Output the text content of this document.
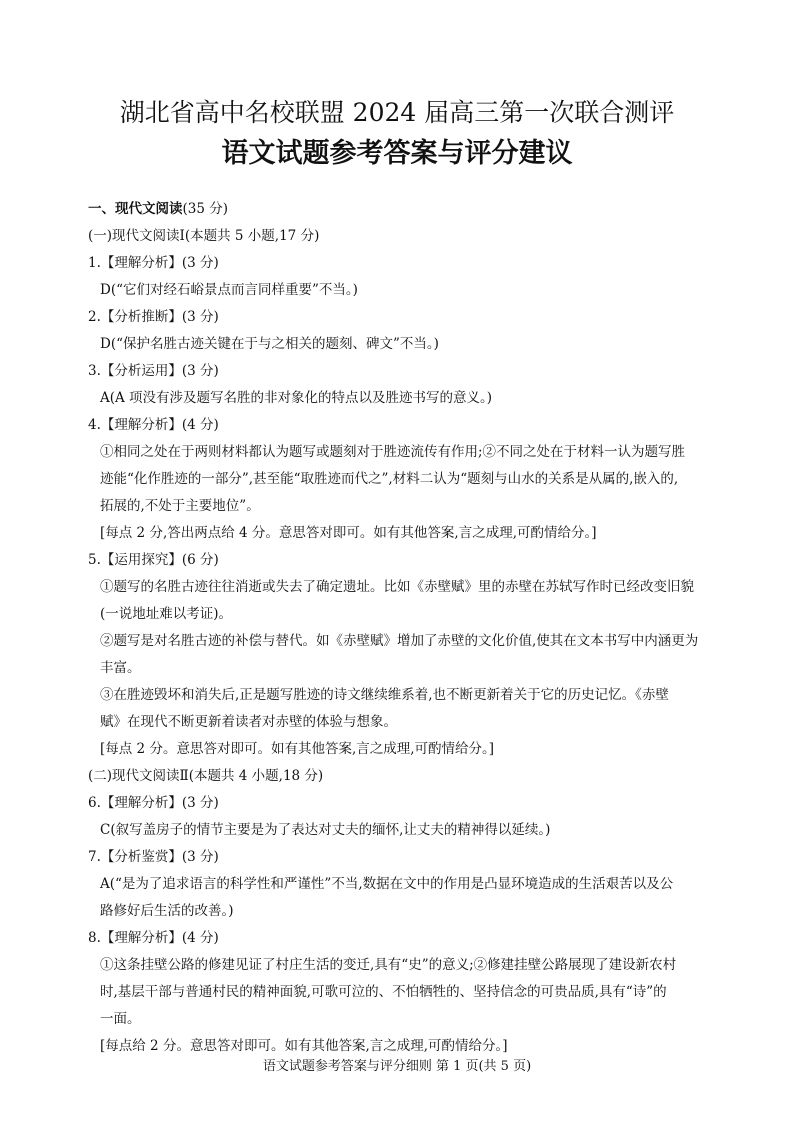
湖北省高中名校联盟 2024 届高三第一次联合测评
语文试题参考答案与评分建议

一、现代文阅读(35 分)

(一)现代文阅读Ⅰ(本题共 5 小题,17 分)

1.【理解分析】(3 分)

D(“它们对经石峪景点而言同样重要”不当。)

2.【分析推断】(3 分)

D(“保护名胜古迹关键在于与之相关的题刻、碑文”不当。)

3.【分析运用】(3 分)

A(A 项没有涉及题写名胜的非对象化的特点以及胜迹书写的意义。)

4.【理解分析】(4 分)

①相同之处在于两则材料都认为题写或题刻对于胜迹流传有作用;②不同之处在于材料一认为题写胜

迹能“化作胜迹的一部分”,甚至能“取胜迹而代之”,材料二认为“题刻与山水的关系是从属的,嵌入的,

拓展的,不处于主要地位”。

[每点 2 分,答出两点给 4 分。意思答对即可。如有其他答案,言之成理,可酌情给分。]

5.【运用探究】(6 分)

①题写的名胜古迹往往消逝或失去了确定遗址。比如《赤壁赋》里的赤壁在苏轼写作时已经改变旧貌

(一说地址难以考证)。

②题写是对名胜古迹的补偿与替代。如《赤壁赋》增加了赤壁的文化价值,使其在文本书写中内涵更为

丰富。

③在胜迹毁坏和消失后,正是题写胜迹的诗文继续维系着,也不断更新着关于它的历史记忆。《赤壁

赋》在现代不断更新着读者对赤壁的体验与想象。

[每点 2 分。意思答对即可。如有其他答案,言之成理,可酌情给分。]

(二)现代文阅读Ⅱ(本题共 4 小题,18 分)

6.【理解分析】(3 分)

C(叙写盖房子的情节主要是为了表达对丈夫的缅怀,让丈夫的精神得以延续。)

7.【分析鉴赏】(3 分)

A(“是为了追求语言的科学性和严谨性”不当,数据在文中的作用是凸显环境造成的生活艰苦以及公

路修好后生活的改善。)

8.【理解分析】(4 分)

①这条挂壁公路的修建见证了村庄生活的变迁,具有“史”的意义;②修建挂壁公路展现了建设新农村

时,基层干部与普通村民的精神面貌,可歌可泣的、不怕牺牲的、坚持信念的可贵品质,具有“诗”的

一面。

[每点给 2 分。意思答对即可。如有其他答案,言之成理,可酌情给分。]

语文试题参考答案与评分细则 第 1 页(共 5 页)
